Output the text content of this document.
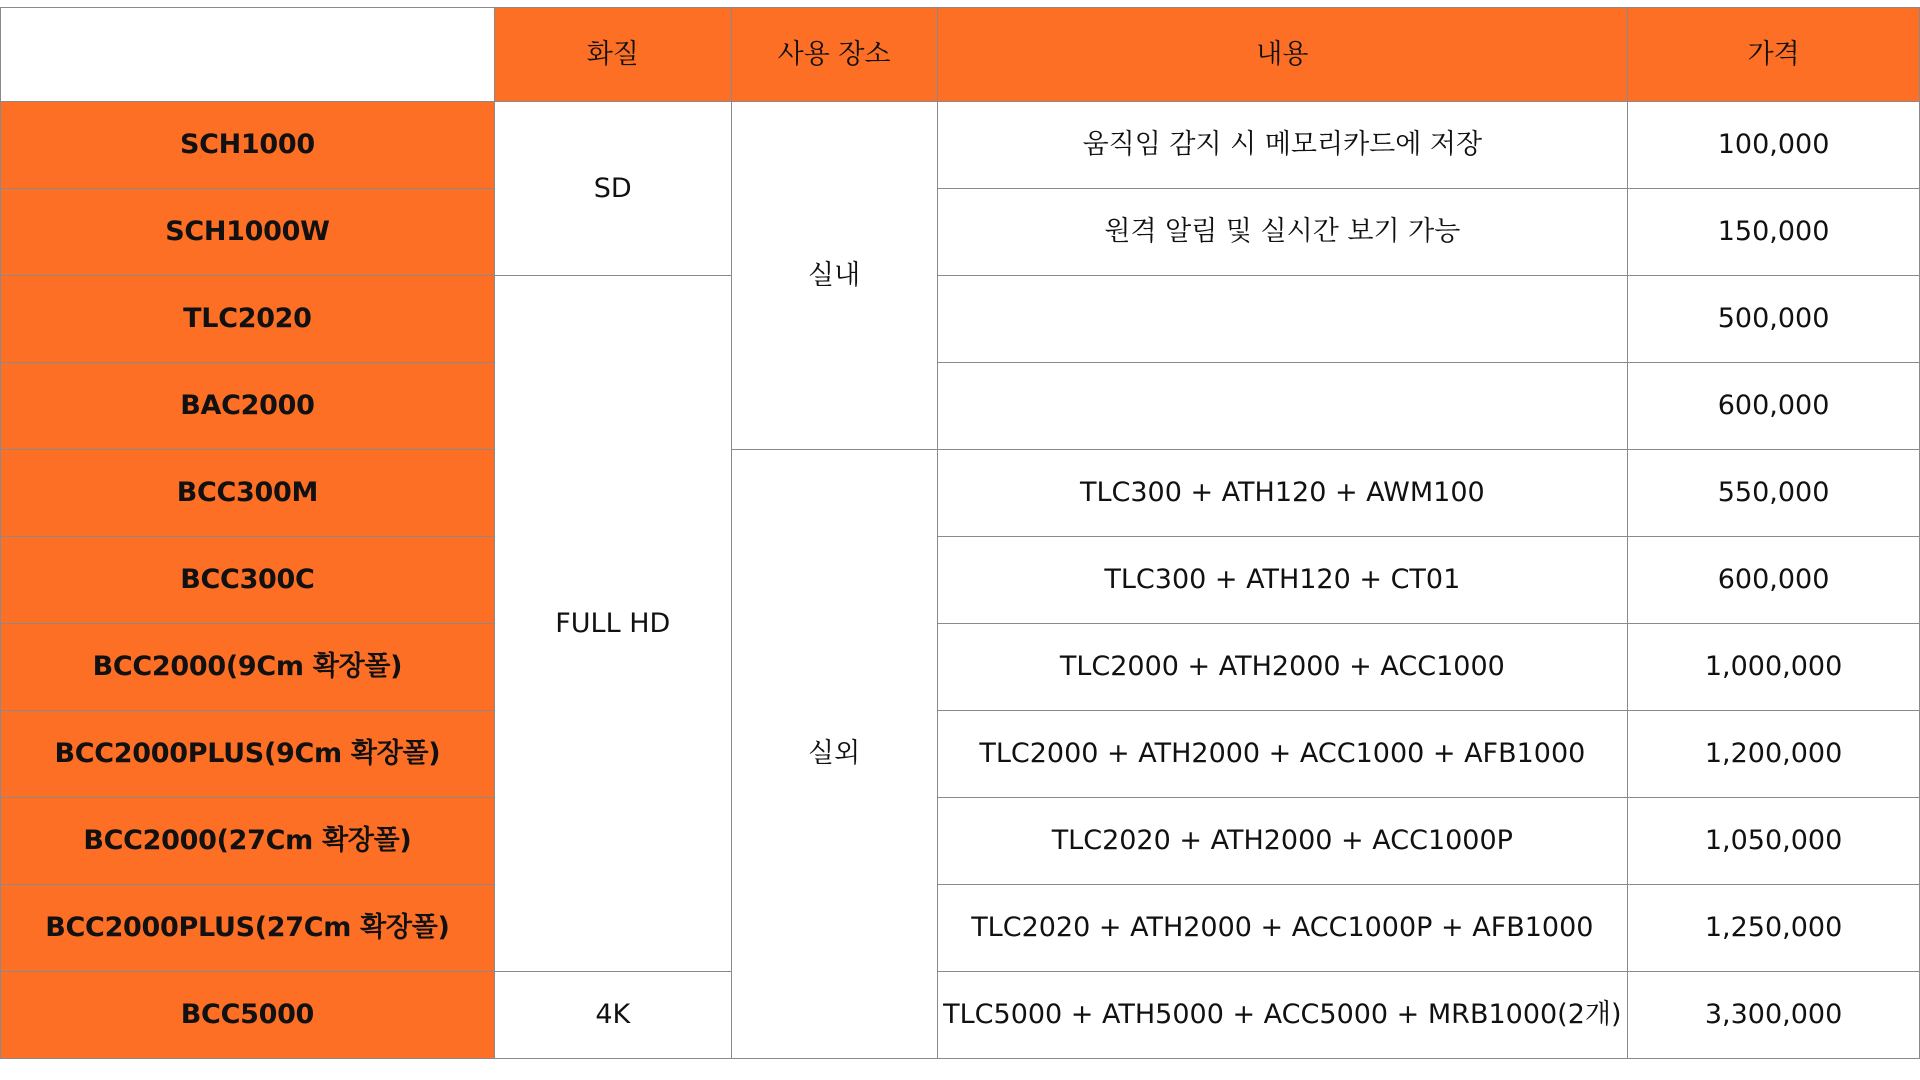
	화질	사용 장소	내용	가격
SCH1000	SD	실내	움직임 감지 시 메모리카드에 저장	100,000
SCH1000W			원격 알림 및 실시간 보기 가능	150,000
TLC2020	FULL HD			500,000
BAC2000				600,000
BCC300M		실외	TLC300 + ATH120 + AWM100	550,000
BCC300C			TLC300 + ATH120 + CT01	600,000
BCC2000(9Cm 확장폴)			TLC2000 + ATH2000 + ACC1000	1,000,000
BCC2000PLUS(9Cm 확장폴)			TLC2000 + ATH2000 + ACC1000 + AFB1000	1,200,000
BCC2000(27Cm 확장폴)			TLC2020 + ATH2000 + ACC1000P	1,050,000
BCC2000PLUS(27Cm 확장폴)			TLC2020 + ATH2000 + ACC1000P + AFB1000	1,250,000
BCC5000	4K		TLC5000 + ATH5000 + ACC5000 + MRB1000(2개)	3,300,000
